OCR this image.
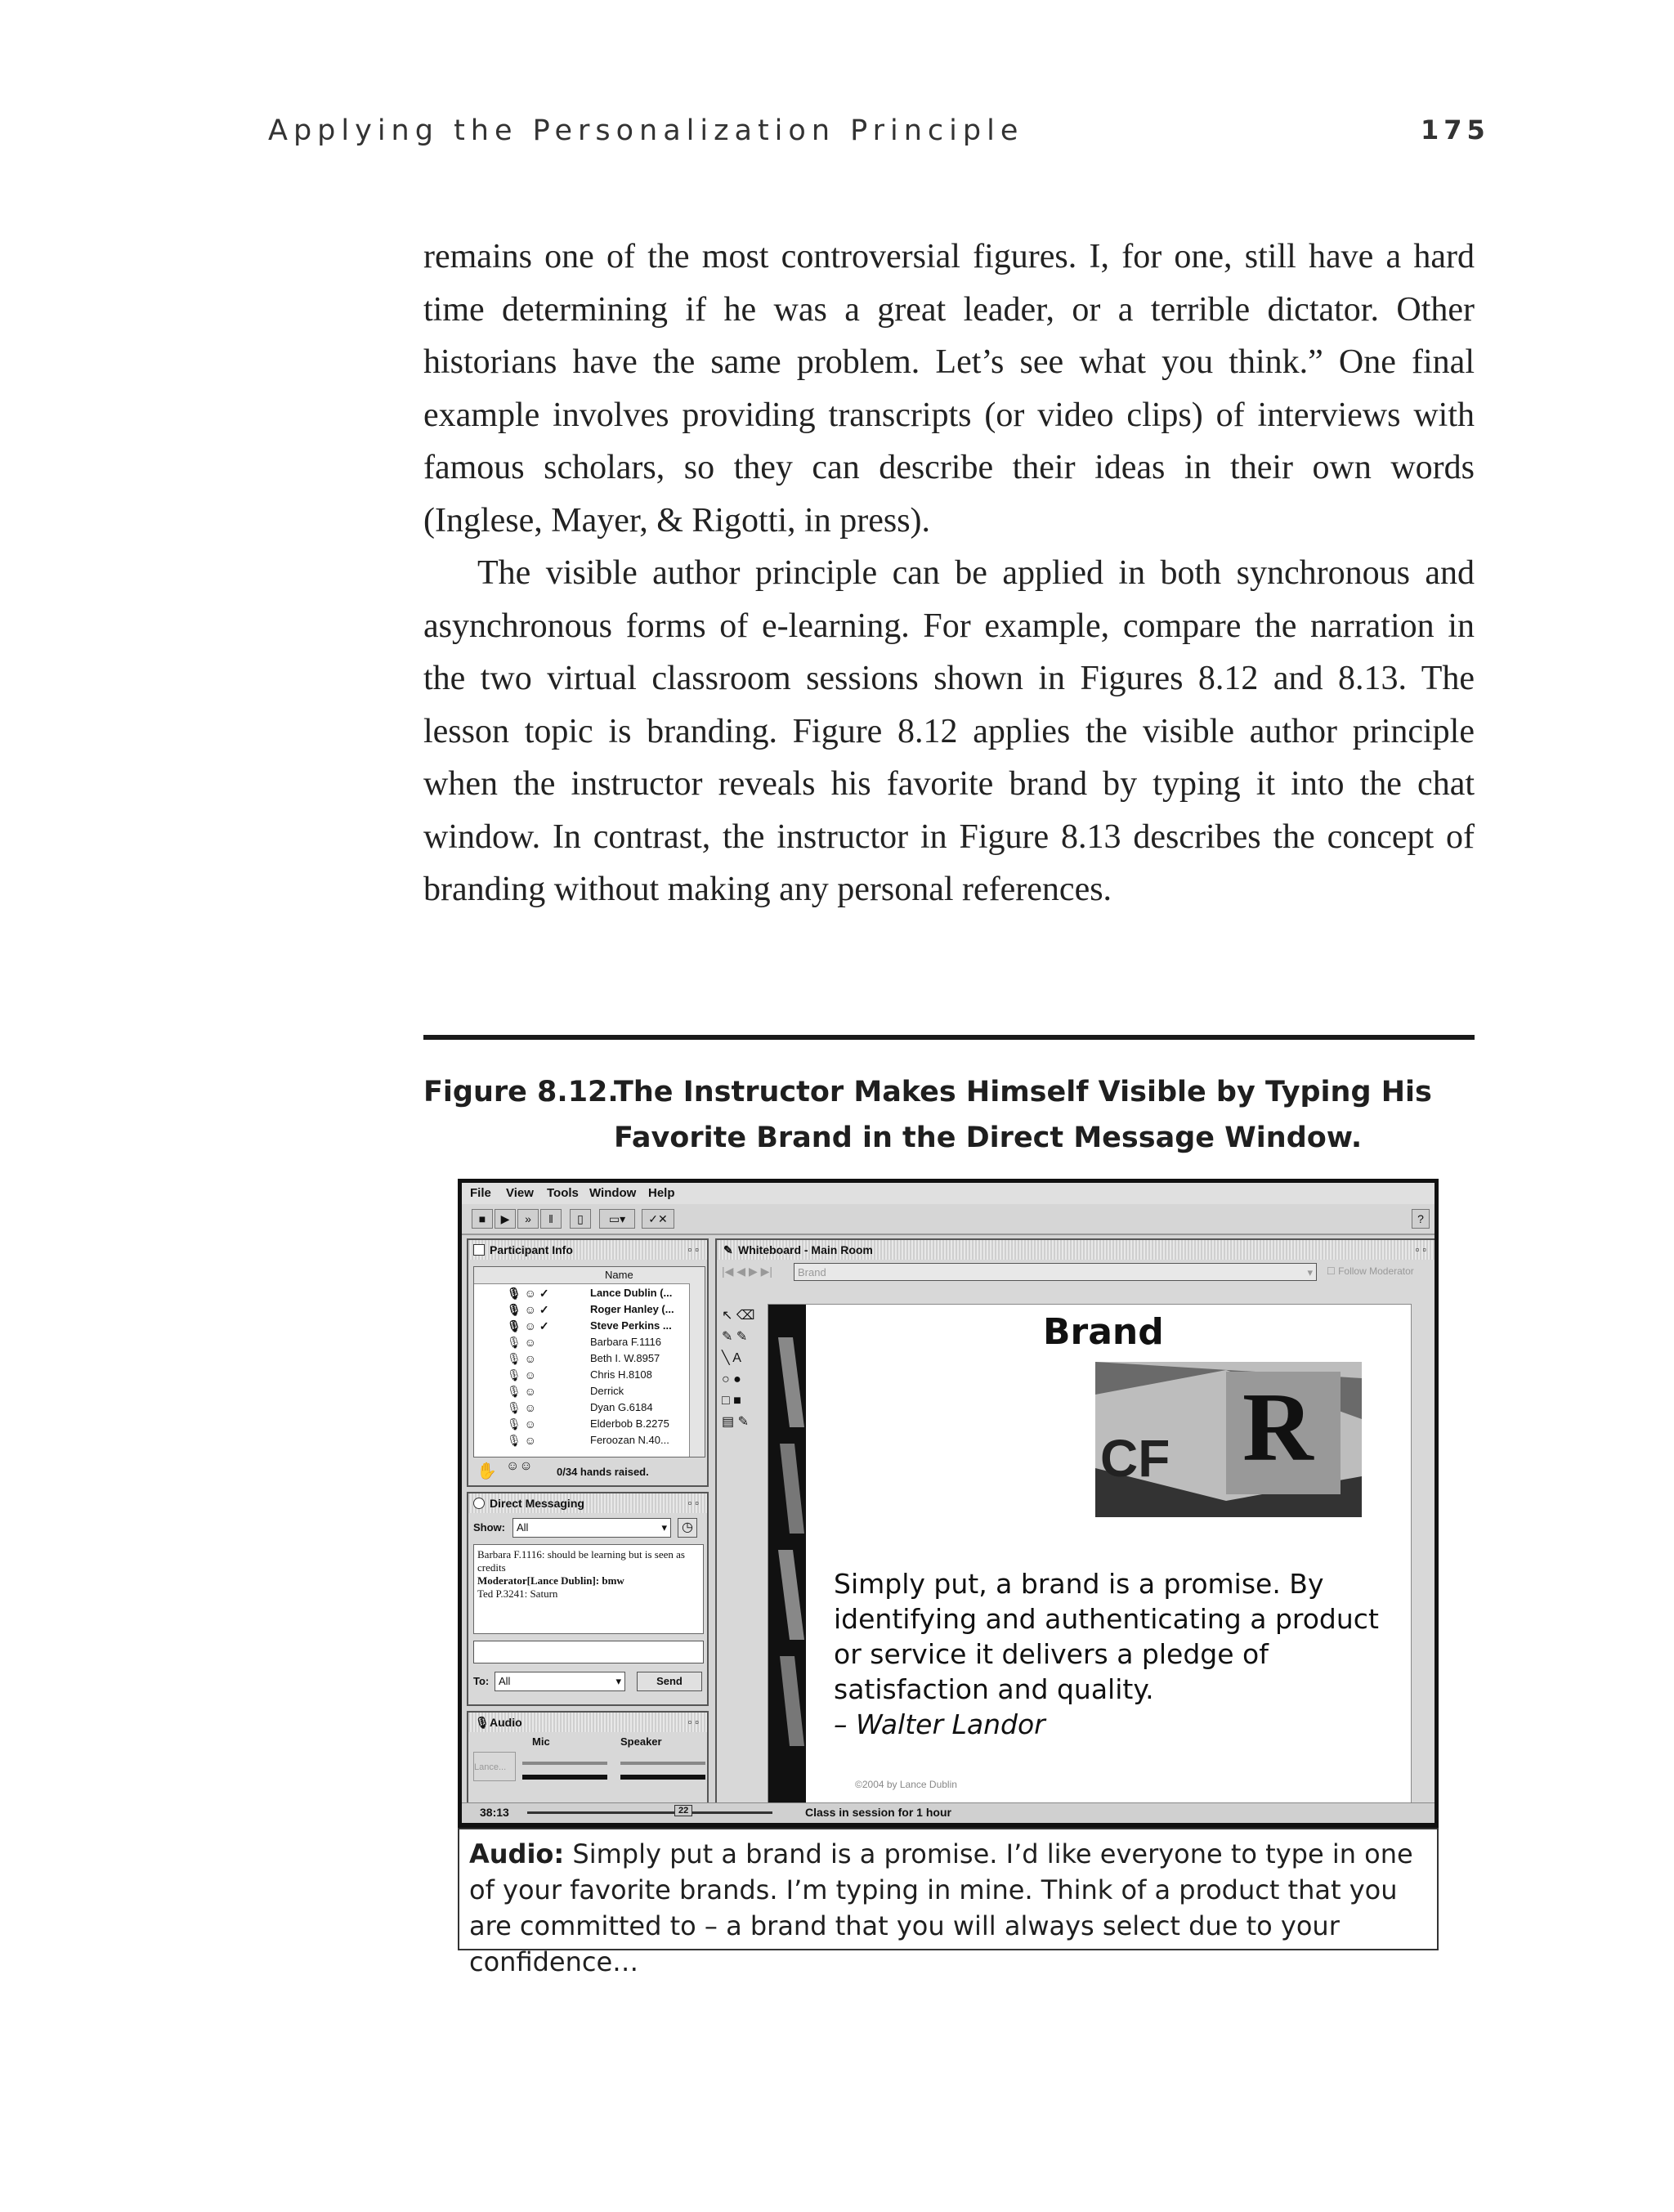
Applying the Personalization Principle	175

remains one of the most controversial figures. I, for one, still have a hard time determining if he was a great leader, or a terrible dictator. Other historians have the same problem. Let’s see what you think.” One final example involves providing transcripts (or video clips) of interviews with famous scholars, so they can describe their ideas in their own words (Inglese, Mayer, & Rigotti, in press).

The visible author principle can be applied in both synchronous and asynchronous forms of e-learning. For example, compare the narration in the two virtual classroom sessions shown in Figures 8.12 and 8.13. The lesson topic is branding. Figure 8.12 applies the visible author principle when the instructor reveals his favorite brand by typing it into the chat window. In contrast, the instructor in Figure 8.13 describes the concept of branding without making any personal references.

Figure 8.12.
The Instructor Makes Himself Visible by Typing His Favorite Brand in the Direct Message Window.
File View Tools Window Help
■	▶	»	‖	▯	▭▾	✓✕	?
Participant Info	▫▫
Name
🎙 ☺ ✓	Lance Dublin (...
🎙 ☺ ✓	Roger Hanley (...
🎙 ☺ ✓	Steve Perkins ...
🎙 ☺	Barbara F.1116
🎙 ☺	Beth I. W.8957
🎙 ☺	Chris H.8108
🎙 ☺	Derrick
🎙 ☺	Dyan G.6184
🎙 ☺	Elderbob B.2275
🎙 ☺	Feroozan N.40...
✋ ☺☺ 0/34 hands raised.
Direct Messaging	▫▫
Show:	All	▾	◷
Barbara F.1116: should be learning but is seen as credits
Moderator[Lance Dublin]: bmw
Ted P.3241: Saturn
To: All	▾	Send
🎙 Audio	▫▫
Mic	Speaker
Lance...
✎ Whiteboard - Main Room	▫▫
|◀ ◀ ▶ ▶|	Brand	▾ ☐ Follow Moderator
↖ ⌫
✎ ✎
╲ A
○ ●
□ ■
▤ ✎	R
CF
Brand
Simply put, a brand is a promise. By identifying and authenticating a product or service it delivers a pledge of satisfaction and quality.
– Walter Landor
©2004 by Lance Dublin
38:13	22	Class in session for 1 hour
Audio: Simply put a brand is a promise. I’d like everyone to type in one of your favorite brands. I’m typing in mine. Think of a product that you are committed to – a brand that you will always select due to your confidence…
